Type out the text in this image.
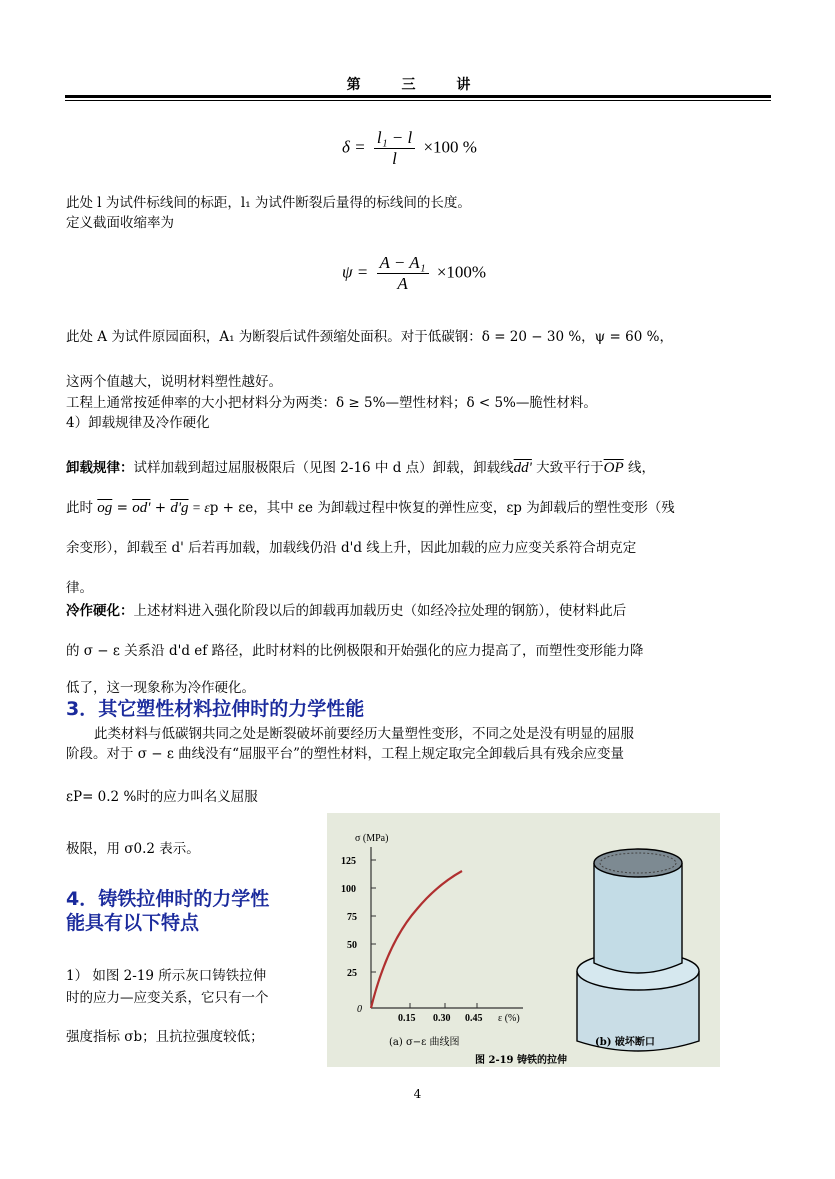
第 三 讲
$\delta = \frac{\text{l₁ − l}}{l} \times 100$ %
此处 l 为试件标线间的标距，l₁ 为试件断裂后量得的标线间的长度。
定义截面收缩率为
$\psi = \frac{\text{A − A₁}}{A} \times 100\%$
此处 A 为试件原园面积，A₁ 为断裂后试件颈缩处面积。对于低碳钢：δ = 20 − 30 %，ψ = 60 %，
这两个值越大，说明材料塑性越好。
工程上通常按延伸率的大小把材料分为两类：δ ≥ 5%—塑性材料；δ < 5%—脆性材料。
4）卸载规律及冷作硬化
卸载规律：试样加载到超过屈服极限后（见图 2-16 中 d 点）卸载，卸载线dd' 大致平行于$\overline{OP}$ 线，
此时 $\overline{og} = od' + d'g = \varepsilon p + \varepsilon e$，其中 εe 为卸载过程中恢复的弹性应变，εp 为卸载后的塑性变形（残
余变形），卸载至 d' 后若再加载，加载线仍沿 d'd 线上升，因此加载的应力应变关系符合胡克定
律。
冷作硬化：上述材料进入强化阶段以后的卸载再加载历史（如经冷拉处理的钢筋），使材料此后
的 σ − ε 关系沿 d'd ef 路径，此时材料的比例极限和开始强化的应力提高了，而塑性变形能力降
低了，这一现象称为冷作硬化。
3．其它塑性材料拉伸时的力学性能
此类材料与低碳钢共同之处是断裂破坏前要经历大量塑性变形，不同之处是没有明显的屈服
阶段。对于 σ − ε 曲线没有“屈服平台”的塑性材料，工程上规定取完全卸载后具有残余应变量
εP= 0.2 %时的应力叫名义屈服
极限，用 σ0.2 表示。
4．铸铁拉伸时的力学性
能具有以下特点
1） 如图 2-19 所示灰口铸铁拉伸
时的应力—应变关系，它只有一个
强度指标 σb；且抗拉强度较低；
σ (MPa)
125
100
75
50
25
0
0.15 0.30 0.45 ε (%)
(a) σ−ε 曲线图	(b) 破坏断口
图 2-19 铸铁的拉伸
4
